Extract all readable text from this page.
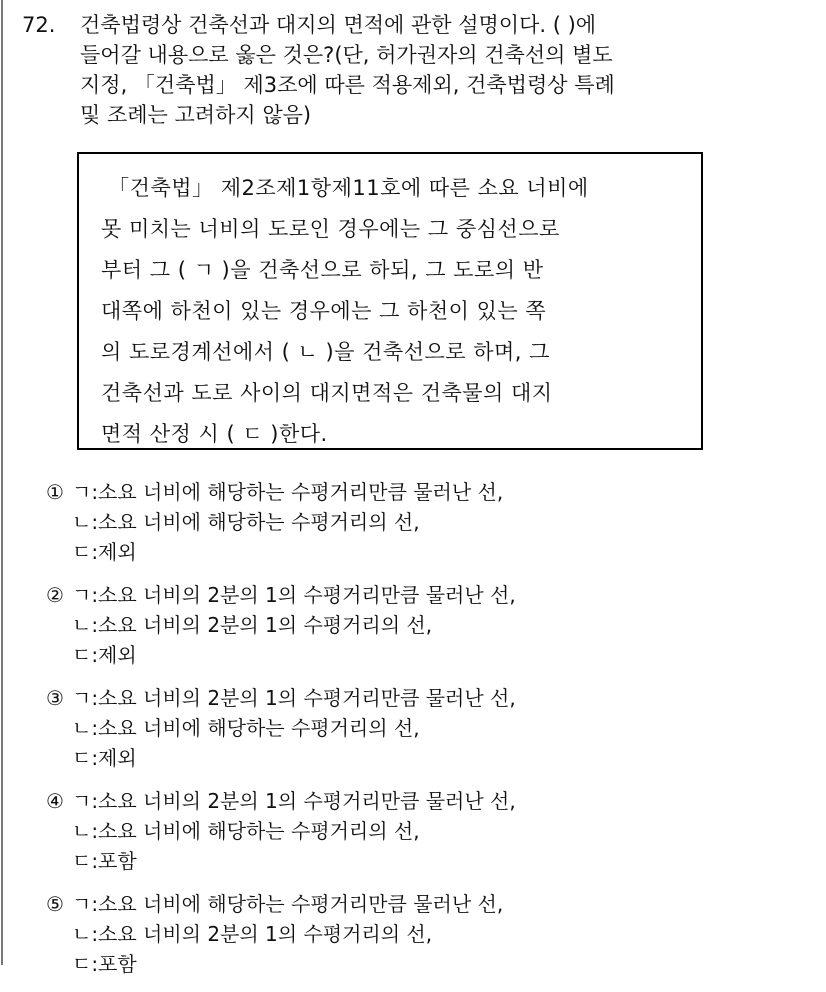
72. 건축법령상 건축선과 대지의 면적에 관한 설명이다. ( )에
들어갈 내용으로 옳은 것은?(단, 허가권자의 건축선의 별도
지정, 「건축법」 제3조에 따른 적용제외, 건축법령상 특례
및 조례는 고려하지 않음)
「건축법」 제2조제1항제11호에 따른 소요 너비에
못 미치는 너비의 도로인 경우에는 그 중심선으로
부터 그 ( ㄱ )을 건축선으로 하되, 그 도로의 반
대쪽에 하천이 있는 경우에는 그 하천이 있는 쪽
의 도로경계선에서 ( ㄴ )을 건축선으로 하며, 그
건축선과 도로 사이의 대지면적은 건축물의 대지
면적 산정 시 ( ㄷ )한다.
① ㄱ: 소요 너비에 해당하는 수평거리만큼 물러난 선,
ㄴ: 소요 너비에 해당하는 수평거리의 선,
ㄷ: 제외
② ㄱ: 소요 너비의 2분의 1의 수평거리만큼 물러난 선,
ㄴ: 소요 너비의 2분의 1의 수평거리의 선,
ㄷ: 제외
③ ㄱ: 소요 너비의 2분의 1의 수평거리만큼 물러난 선,
ㄴ: 소요 너비에 해당하는 수평거리의 선,
ㄷ: 제외
④ ㄱ: 소요 너비의 2분의 1의 수평거리만큼 물러난 선,
ㄴ: 소요 너비에 해당하는 수평거리의 선,
ㄷ: 포함
⑤ ㄱ: 소요 너비에 해당하는 수평거리만큼 물러난 선,
ㄴ: 소요 너비의 2분의 1의 수평거리의 선,
ㄷ: 포함
